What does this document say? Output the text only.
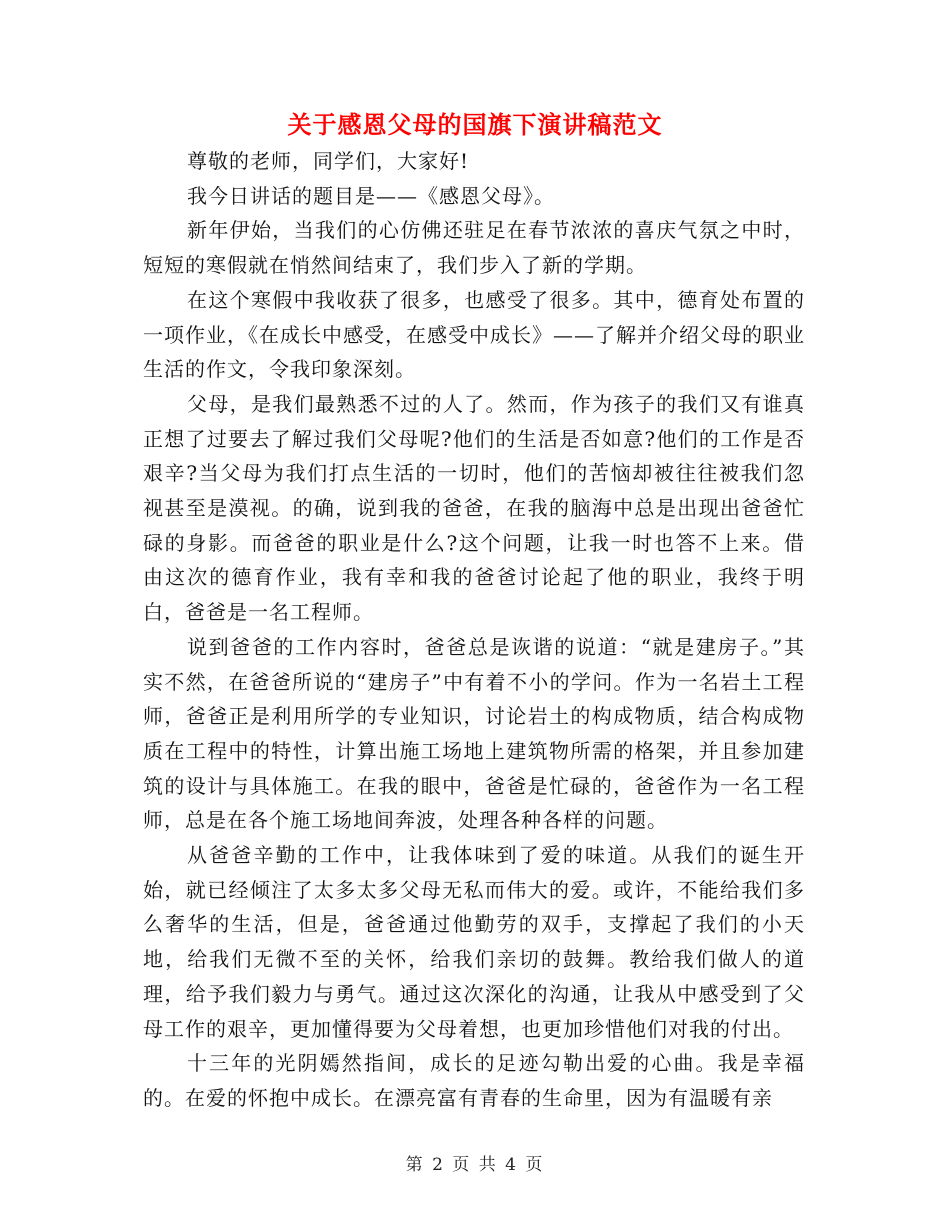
关于感恩父母的国旗下演讲稿范文

尊敬的老师，同学们，大家好!

我今日讲话的题目是——《感恩父母》。

新年伊始，当我们的心仿佛还驻足在春节浓浓的喜庆气氛之中时，短短的寒假就在悄然间结束了，我们步入了新的学期。

在这个寒假中我收获了很多，也感受了很多。其中，德育处布置的一项作业，《在成长中感受，在感受中成长》——了解并介绍父母的职业生活的作文，令我印象深刻。

父母，是我们最熟悉不过的人了。然而，作为孩子的我们又有谁真正想了过要去了解过我们父母呢?他们的生活是否如意?他们的工作是否艰辛?当父母为我们打点生活的一切时，他们的苦恼却被往往被我们忽视甚至是漠视。的确，说到我的爸爸，在我的脑海中总是出现出爸爸忙碌的身影。而爸爸的职业是什么?这个问题，让我一时也答不上来。借由这次的德育作业，我有幸和我的爸爸讨论起了他的职业，我终于明白，爸爸是一名工程师。

说到爸爸的工作内容时，爸爸总是诙谐的说道：“就是建房子。”其实不然，在爸爸所说的“建房子”中有着不小的学问。作为一名岩土工程师，爸爸正是利用所学的专业知识，讨论岩土的构成物质，结合构成物质在工程中的特性，计算出施工场地上建筑物所需的格架，并且参加建筑的设计与具体施工。在我的眼中，爸爸是忙碌的，爸爸作为一名工程师，总是在各个施工场地间奔波，处理各种各样的问题。

从爸爸辛勤的工作中，让我体味到了爱的味道。从我们的诞生开始，就已经倾注了太多太多父母无私而伟大的爱。或许，不能给我们多么奢华的生活，但是，爸爸通过他勤劳的双手，支撑起了我们的小天地，给我们无微不至的关怀，给我们亲切的鼓舞。教给我们做人的道理，给予我们毅力与勇气。通过这次深化的沟通，让我从中感受到了父母工作的艰辛，更加懂得要为父母着想，也更加珍惜他们对我的付出。

十三年的光阴嫣然指间，成长的足迹勾勒出爱的心曲。我是幸福的。在爱的怀抱中成长。在漂亮富有青春的生命里，因为有温暖有亲

第 2 页 共 4 页
